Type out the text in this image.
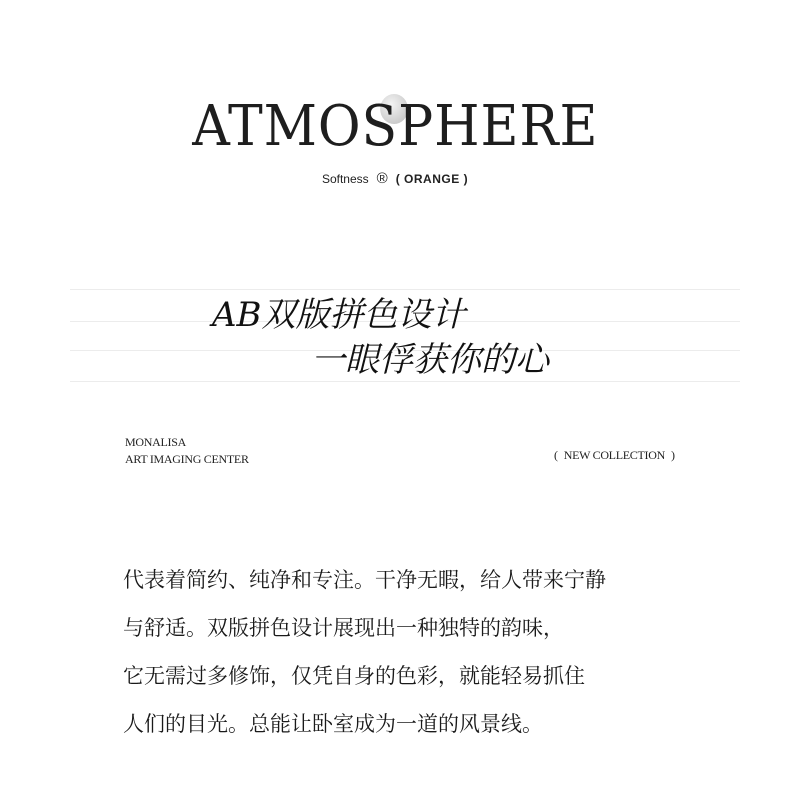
ATMOSPHERE
Softness ® ( ORANGE )
AB双版拼色设计
一眼俘获你的心
MONALISA
ART IMAGING CENTER	( NEW COLLECTION )

代表着简约、纯净和专注。干净无暇，给人带来宁静

与舒适。双版拼色设计展现出一种独特的韵味，

它无需过多修饰，仅凭自身的色彩，就能轻易抓住

人们的目光。总能让卧室成为一道的风景线。
